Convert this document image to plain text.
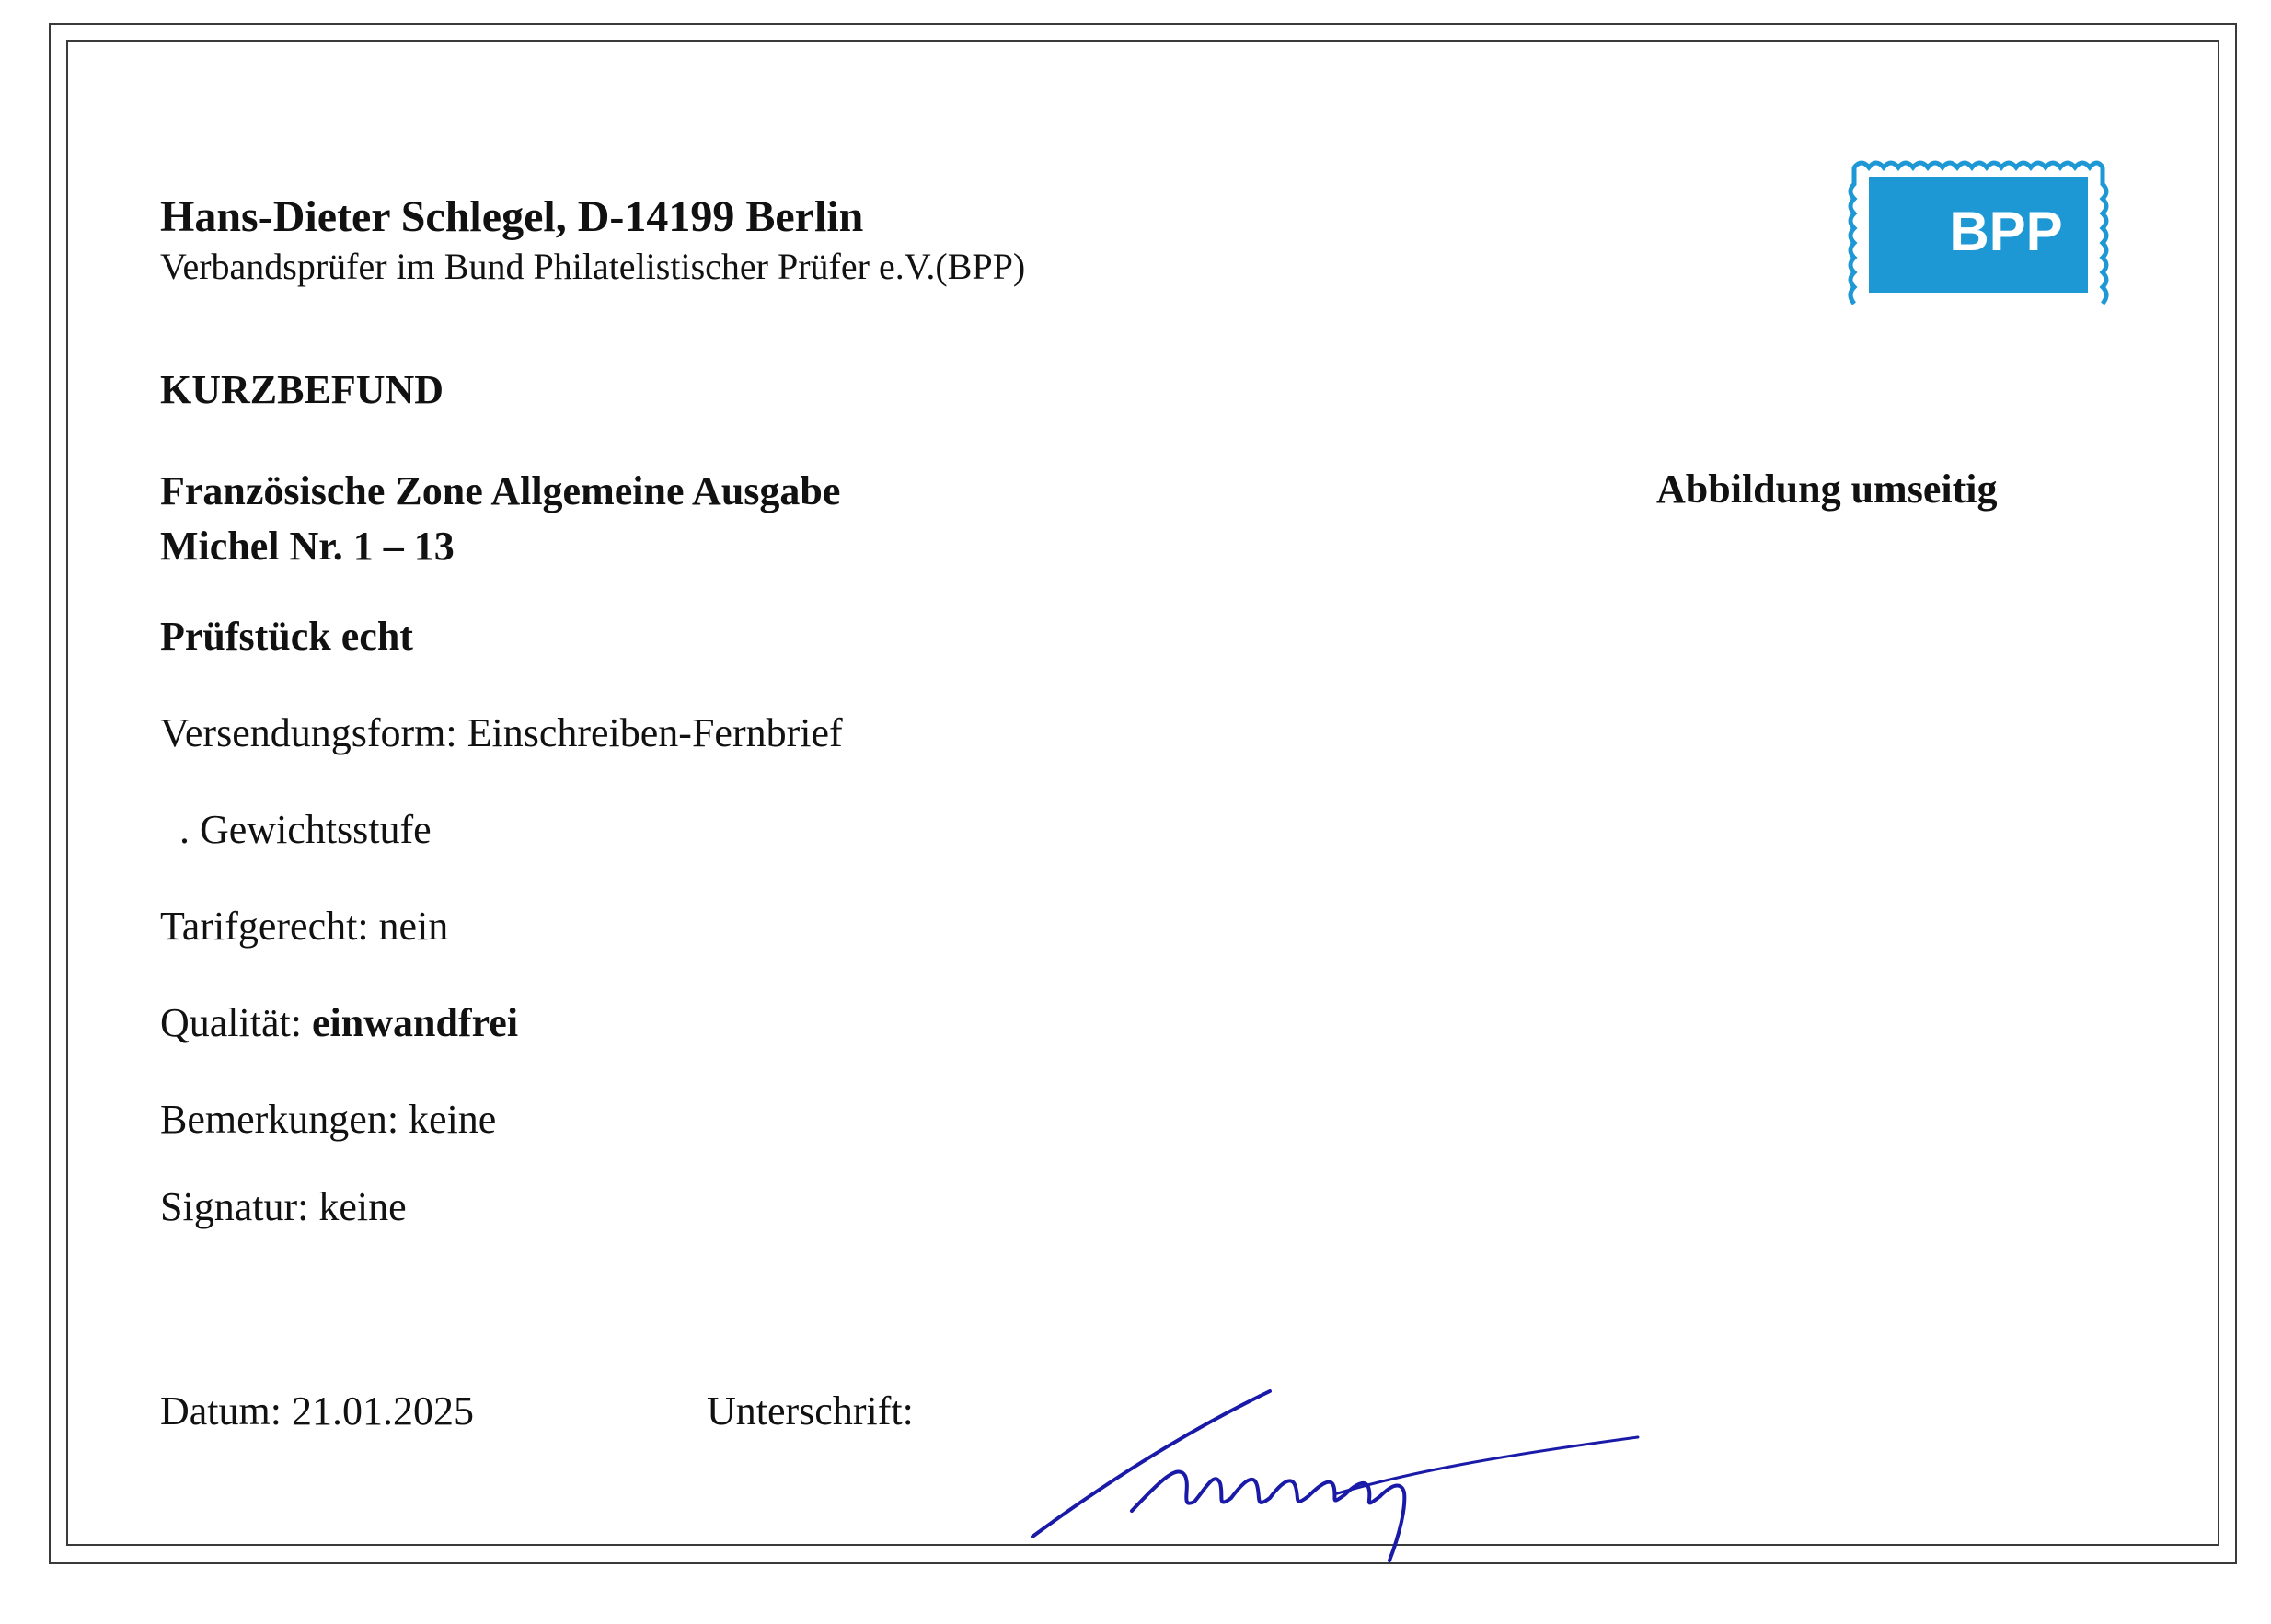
Hans-Dieter Schlegel, D-14199 Berlin
Verbandsprüfer im Bund Philatelistischer Prüfer e.V.(BPP)
BPP
KURZBEFUND
Französische Zone Allgemeine Ausgabe
Michel Nr. 1 – 13
Abbildung umseitig
Prüfstück echt
Versendungsform: Einschreiben-Fernbrief
. Gewichtsstufe
Tarifgerecht: nein
Qualität: einwandfrei
Bemerkungen: keine
Signatur: keine
Datum: 21.01.2025	Unterschrift:
